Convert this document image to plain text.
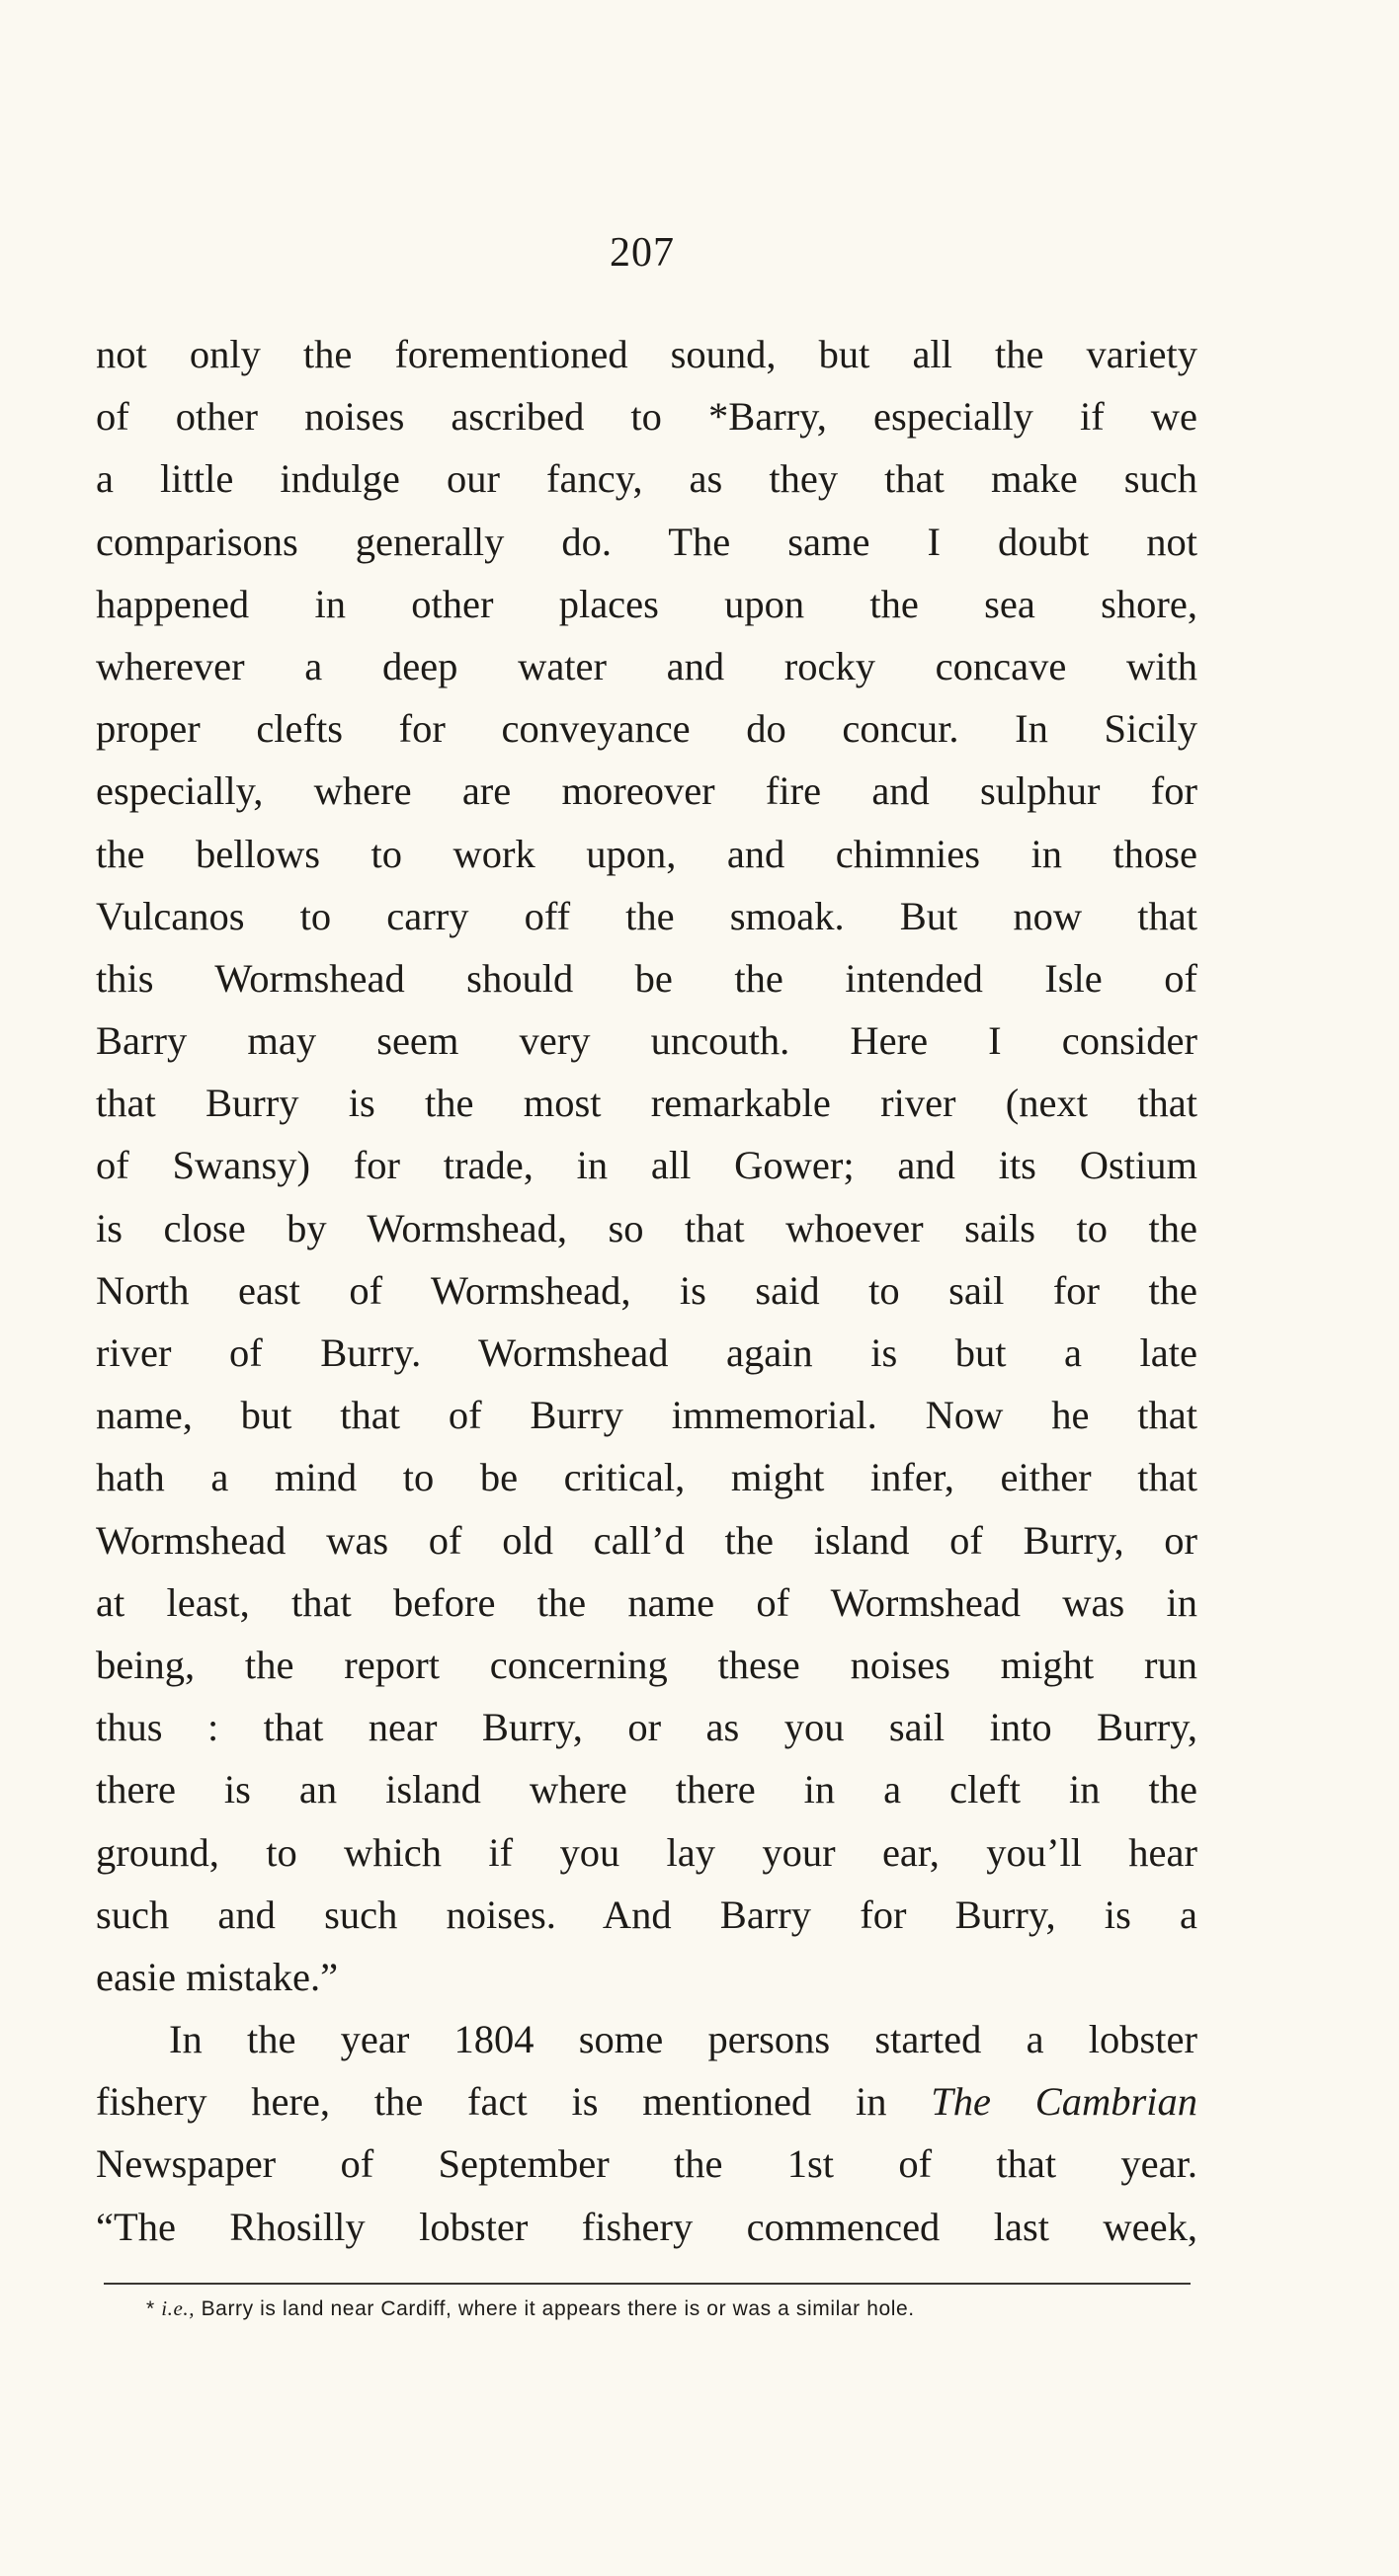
207
not only the forementioned sound, but all the variety
of other noises ascribed to *Barry, especially if we
a little indulge our fancy, as they that make such
comparisons generally do. The same I doubt not
happened in other places upon the sea shore,
wherever a deep water and rocky concave with
proper clefts for conveyance do concur. In Sicily
especially, where are moreover fire and sulphur for
the bellows to work upon, and chimnies in those
Vulcanos to carry off the smoak. But now that
this Wormshead should be the intended Isle of
Barry may seem very uncouth. Here I consider
that Burry is the most remarkable river (next that
of Swansy) for trade, in all Gower; and its Ostium
is close by Wormshead, so that whoever sails to the
North east of Wormshead, is said to sail for the
river of Burry. Wormshead again is but a late
name, but that of Burry immemorial. Now he that
hath a mind to be critical, might infer, either that
Wormshead was of old call’d the island of Burry, or
at least, that before the name of Wormshead was in
being, the report concerning these noises might run
thus : that near Burry, or as you sail into Burry,
there is an island where there in a cleft in the
ground, to which if you lay your ear, you’ll hear
such and such noises. And Barry for Burry, is a
easie mistake.”
In the year 1804 some persons started a lobster
fishery here, the fact is mentioned in The Cambrian
Newspaper of September the 1st of that year.
“The Rhosilly lobster fishery commenced last week,
* i.e., Barry is land near Cardiff, where it appears there is or was a similar hole.
